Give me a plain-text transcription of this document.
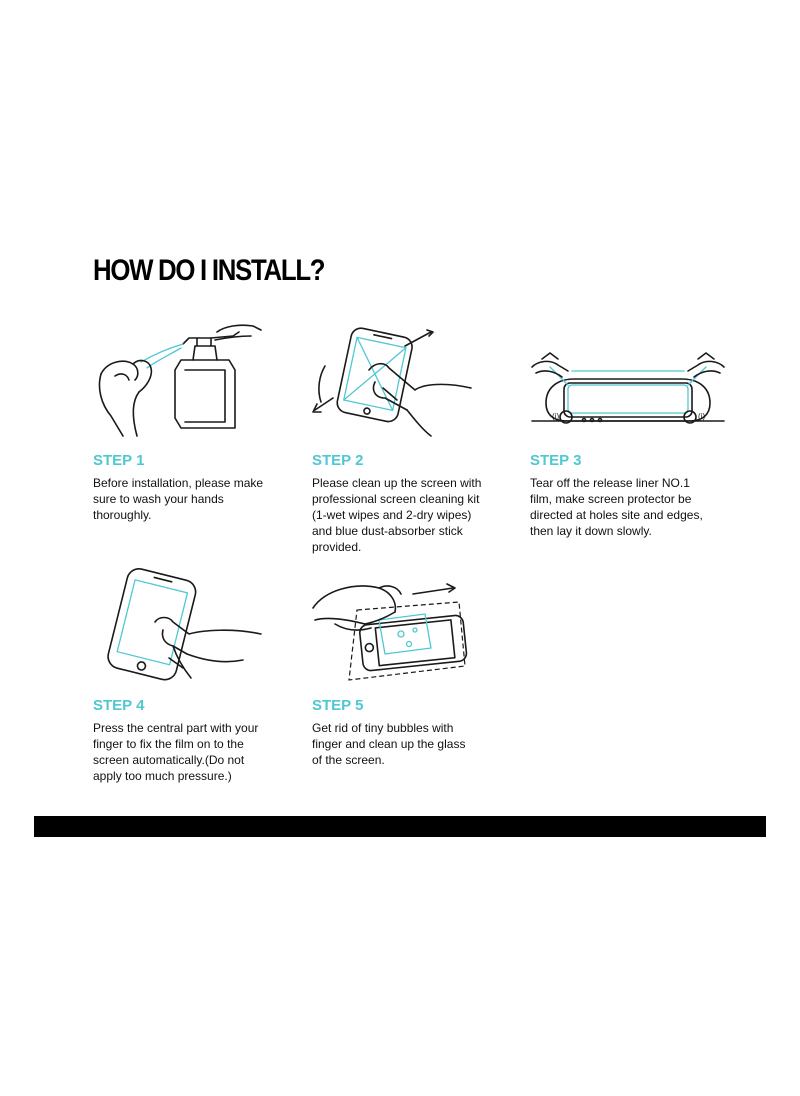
HOW DO I INSTALL?
(i)	(i)
STEP 1
Before installation, please make
sure to wash your hands
thoroughly.
STEP 2
Please clean up the screen with
professional screen cleaning kit
(1-wet wipes and 2-dry wipes)
and blue dust-absorber stick
provided.
STEP 3
Tear off the release liner NO.1
film, make screen protector be
directed at holes site and edges,
then lay it down slowly.
STEP 4
Press the central part with your
finger to fix the film on to the
screen automatically.(Do not
apply too much pressure.)
STEP 5
Get rid of tiny bubbles with
finger and clean up the glass
of the screen.
